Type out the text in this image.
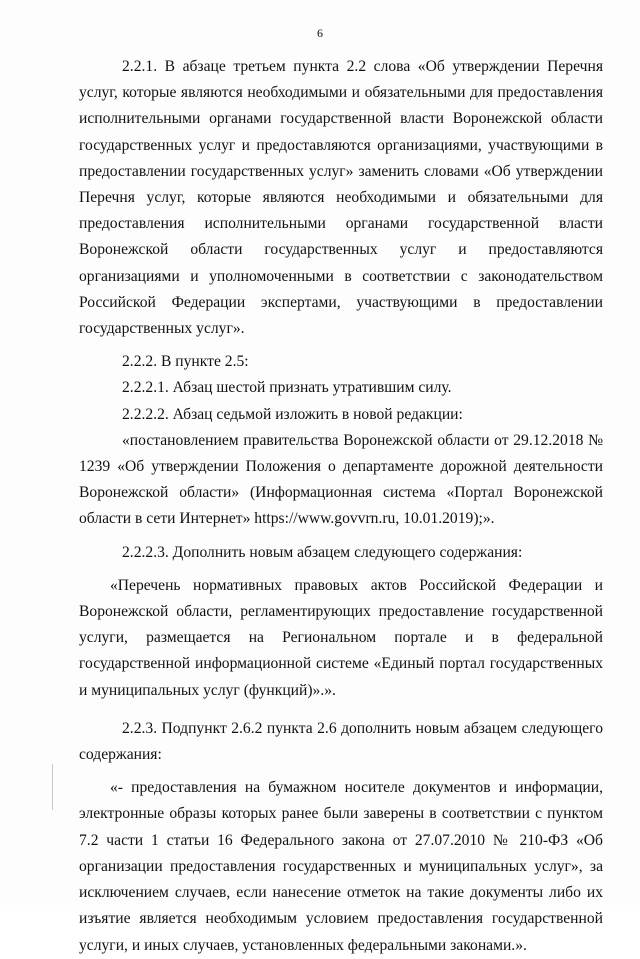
6

2.2.1. В абзаце третьем пункта 2.2 слова «Об утверждении Перечня услуг, которые являются необходимыми и обязательными для предоставления исполнительными органами государственной власти Воронежской области государственных услуг и предоставляются организациями, участвующими в предоставлении государственных услуг» заменить словами «Об утверждении Перечня услуг, которые являются необходимыми и обязательными для предоставления исполнительными органами государственной власти Воронежской области государственных услуг и предоставляются организациями и уполномоченными в соответствии с законодательством Российской Федерации экспертами, участвующими в предоставлении государственных услуг».

2.2.2. В пункте 2.5:

2.2.2.1. Абзац шестой признать утратившим силу.

2.2.2.2. Абзац седьмой изложить в новой редакции:

«постановлением правительства Воронежской области от 29.12.2018 № 1239 «Об утверждении Положения о департаменте дорожной деятельности Воронежской области» (Информационная система «Портал Воронежской области в сети Интернет» https://www.govvrn.ru, 10.01.2019);».

2.2.2.3. Дополнить новым абзацем следующего содержания:

«Перечень нормативных правовых актов Российской Федерации и Воронежской области, регламентирующих предоставление государственной услуги, размещается на Региональном портале и в федеральной государственной информационной системе «Единый портал государственных и муниципальных услуг (функций)».».

2.2.3. Подпункт 2.6.2 пункта 2.6 дополнить новым абзацем следующего содержания:

«- предоставления на бумажном носителе документов и информации, электронные образы которых ранее были заверены в соответствии с пунктом 7.2 части 1 статьи 16 Федерального закона от 27.07.2010 № 210-ФЗ «Об организации предоставления государственных и муниципальных услуг», за исключением случаев, если нанесение отметок на такие документы либо их изъятие является необходимым условием предоставления государственной услуги, и иных случаев, установленных федеральными законами.».
